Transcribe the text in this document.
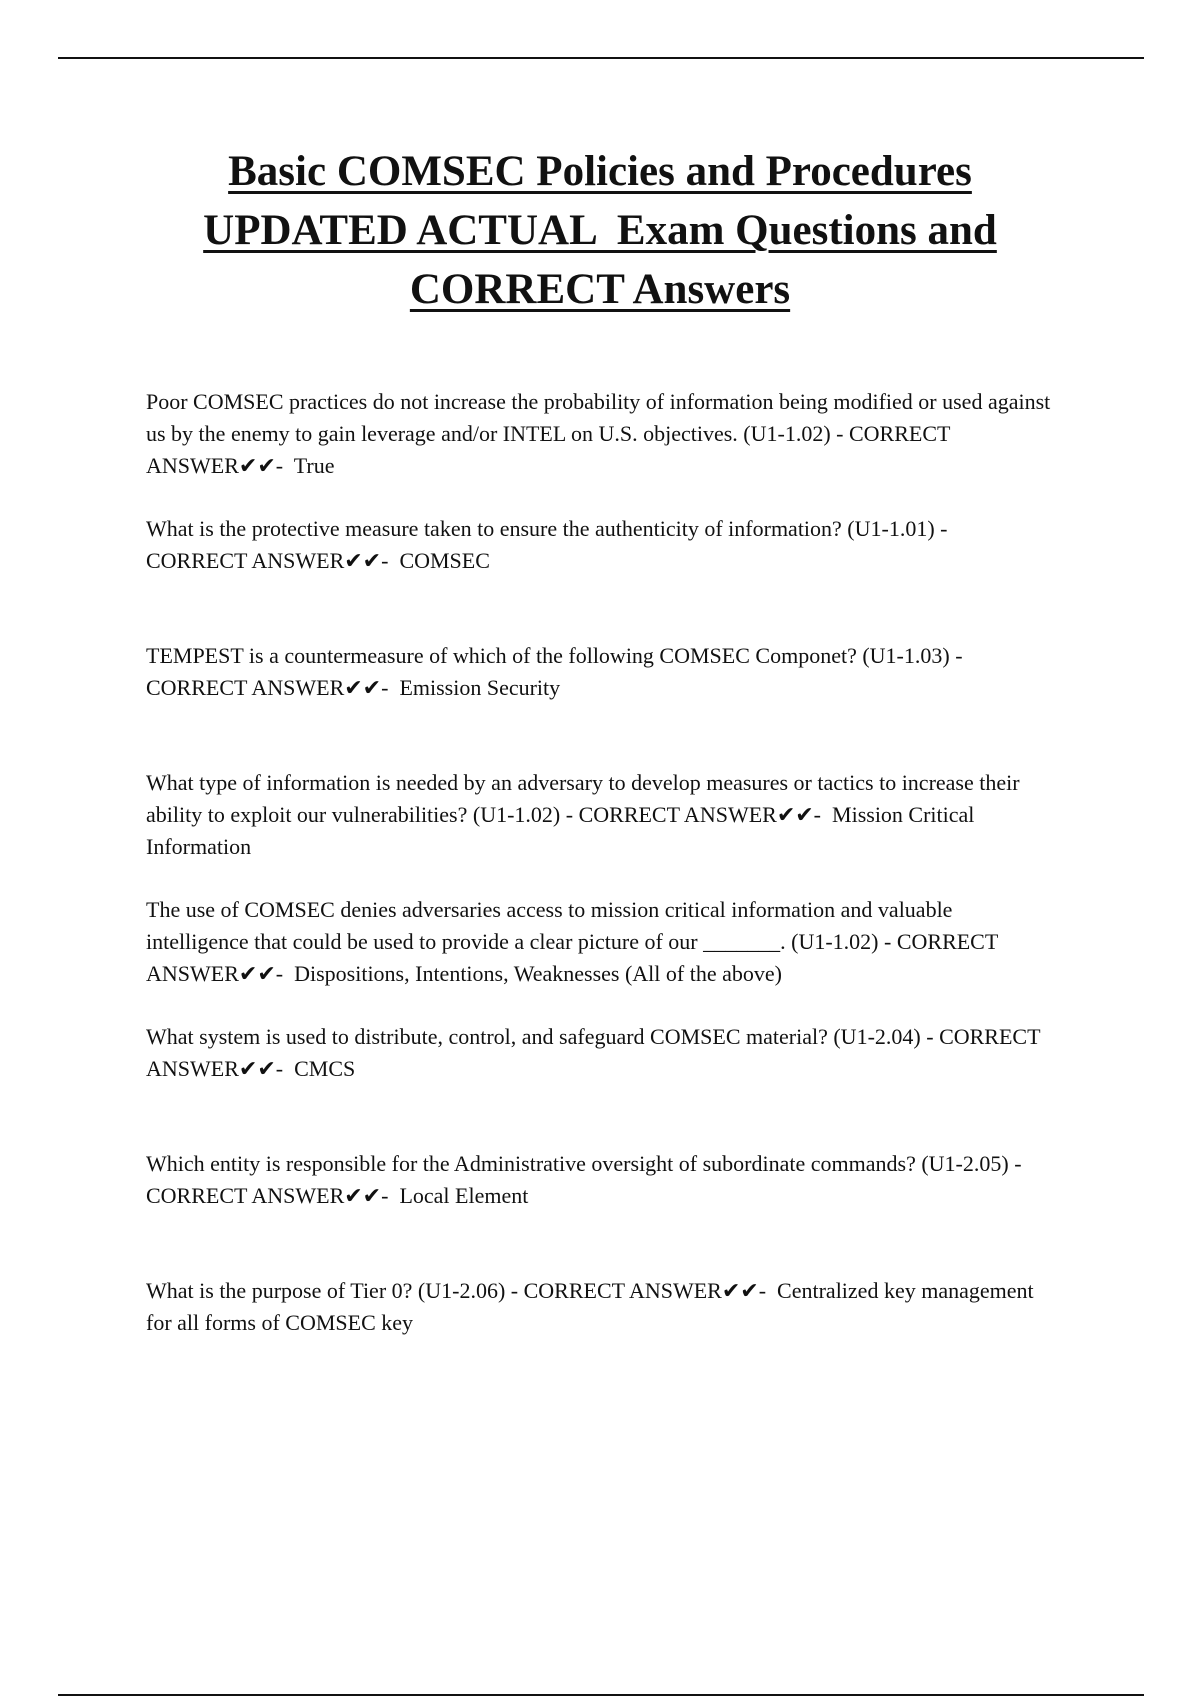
Basic COMSEC Policies and Procedures
UPDATED ACTUAL  Exam Questions and
CORRECT Answers

Poor COMSEC practices do not increase the probability of information being modified or used against us by the enemy to gain leverage and/or INTEL on U.S. objectives. (U1-1.02) - CORRECT ANSWER✔✔- True

What is the protective measure taken to ensure the authenticity of information? (U1-1.01) - CORRECT ANSWER✔✔- COMSEC

TEMPEST is a countermeasure of which of the following COMSEC Componet? (U1-1.03) - CORRECT ANSWER✔✔- Emission Security

What type of information is needed by an adversary to develop measures or tactics to increase their ability to exploit our vulnerabilities? (U1-1.02) - CORRECT ANSWER✔✔- Mission Critical Information

The use of COMSEC denies adversaries access to mission critical information and valuable intelligence that could be used to provide a clear picture of our _______. (U1-1.02) - CORRECT ANSWER✔✔- Dispositions, Intentions, Weaknesses (All of the above)

What system is used to distribute, control, and safeguard COMSEC material? (U1-2.04) - CORRECT ANSWER✔✔- CMCS

Which entity is responsible for the Administrative oversight of subordinate commands? (U1-2.05) - CORRECT ANSWER✔✔- Local Element

What is the purpose of Tier 0? (U1-2.06) - CORRECT ANSWER✔✔- Centralized key management for all forms of COMSEC key
